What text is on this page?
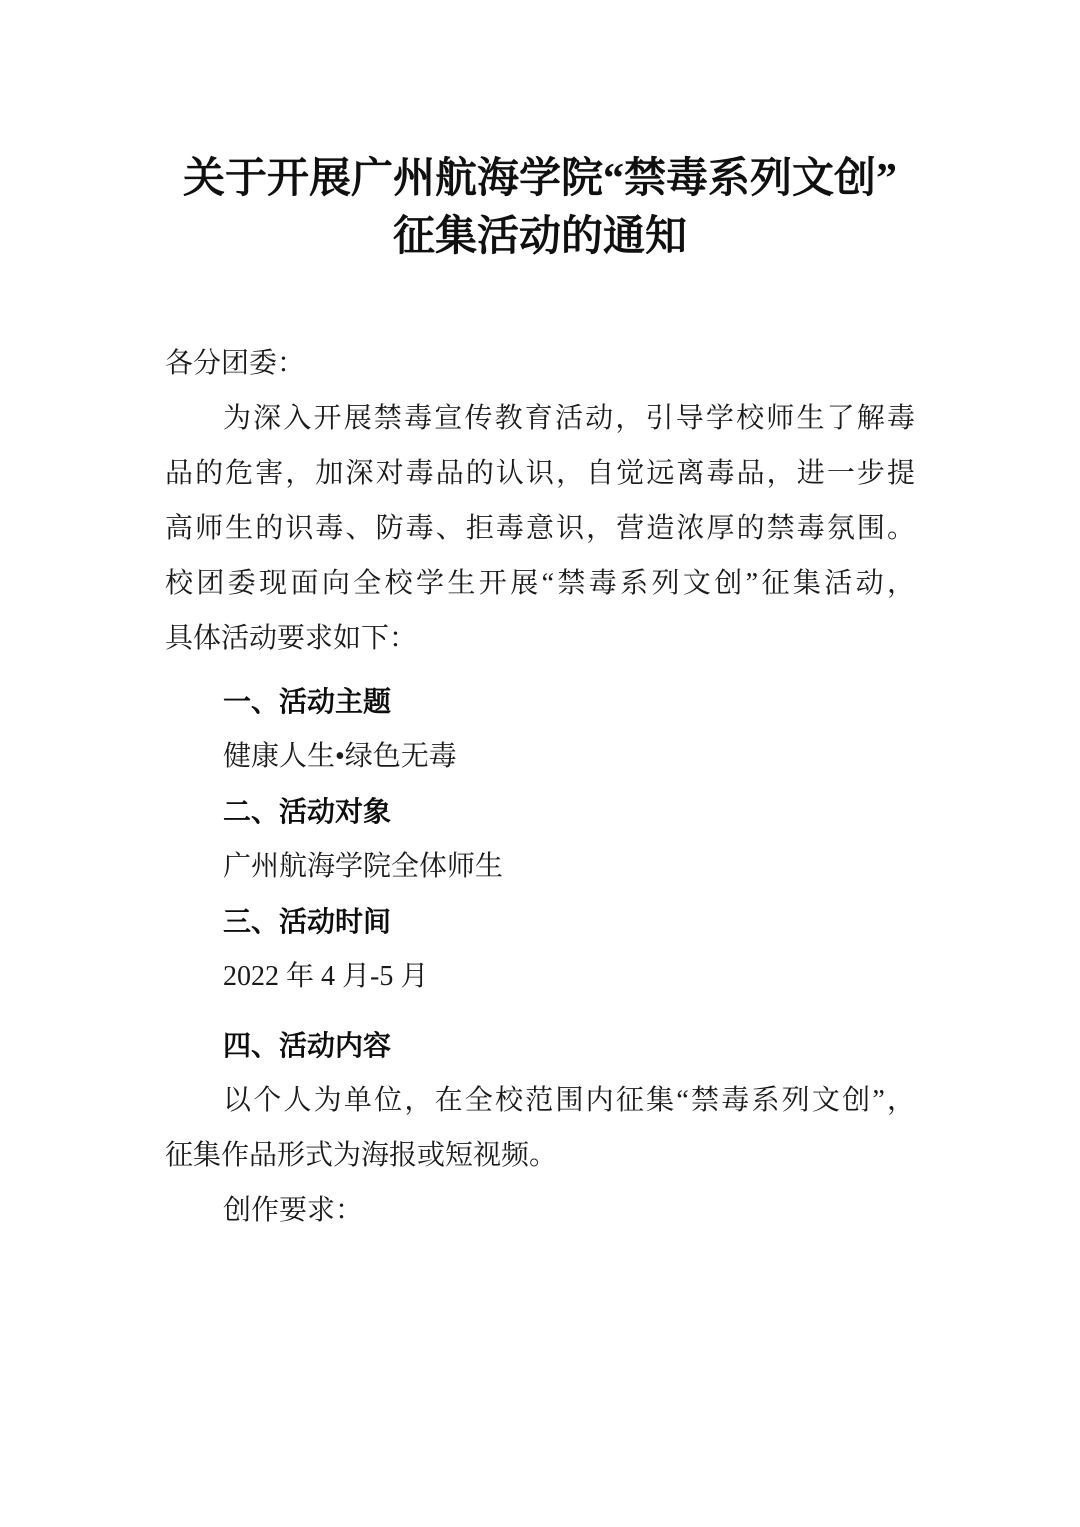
关于开展广州航海学院“禁毒系列文创”
征集活动的通知
各分团委：
为深入开展禁毒宣传教育活动，引导学校师生了解毒
品的危害，加深对毒品的认识，自觉远离毒品，进一步提
高师生的识毒、防毒、拒毒意识，营造浓厚的禁毒氛围。
校团委现面向全校学生开展“禁毒系列文创”征集活动，
具体活动要求如下：
一、活动主题
健康人生•绿色无毒
二、活动对象
广州航海学院全体师生
三、活动时间
2022 年 4 月-5 月
四、活动内容
以个人为单位，在全校范围内征集“禁毒系列文创”，
征集作品形式为海报或短视频。
创作要求：
